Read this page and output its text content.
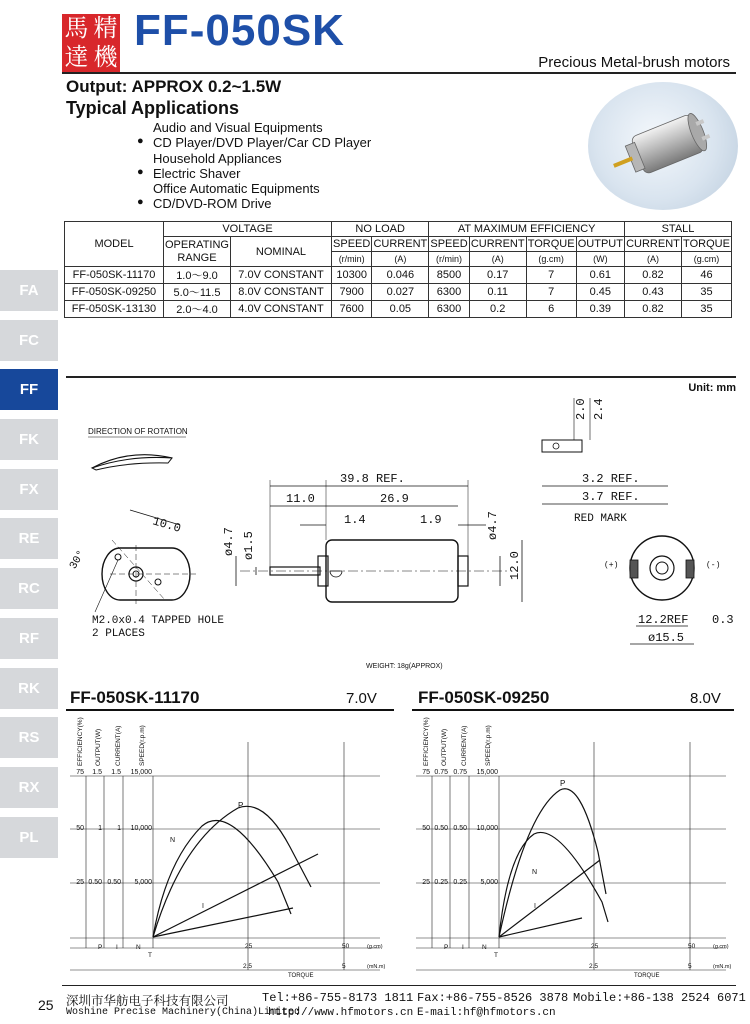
馬 精
達 機
FF-050SK
Precious Metal-brush motors
Output: APPROX 0.2~1.5W
Typical Applications
Audio and Visual Equipments
● CD Player/DVD Player/Car CD Player
Household Appliances
● Electric Shaver
Office Automatic Equipments
● CD/DVD-ROM Drive
FA
FC
FF
FK
FX
RE
RC
RF
RK
RS
RX
PL
MODEL	VOLTAGE		NO LOAD		AT MAXIMUM EFFICIENCY				STALL	
	OPERATING RANGE	NOMINAL	SPEED	CURRENT	SPEED	CURRENT	TORQUE	OUTPUT	CURRENT	TORQUE
			(r/min)	(A)	(r/min)	(A)	(g.cm)	(W)	(A)	(g.cm)
FF-050SK-11170	1.0～9.0	7.0V CONSTANT	10300	0.046	8500	0.17	7	0.61	0.82	46
FF-050SK-09250	5.0～11.5	8.0V CONSTANT	7900	0.027	6300	0.11	7	0.45	0.43	35
FF-050SK-13130	2.0～4.0	4.0V CONSTANT	7600	0.05	6300	0.2	6	0.39	0.82	35
Unit: mm
DIRECTION OF ROTATION
10.0
30°
M2.0x0.4 TAPPED HOLE
2 PLACES
39.8 REF.
11.0	26.9
1.4	1.9
ø4.7 ø1.5
ø4.7
12.0
2.0 2.4
3.2 REF.
3.7 REF.
RED MARK
(+)	(-)
12.2REF 0.3
ø15.5
WEIGHT: 18g(APPROX)
FF-050SK-11170	7.0V
EFFICIENCY(%) OUTPUT(W) CURRENT(A)	SPEED(r.p.m)
75 1.5 1.5 15,000
50 1 1 10,000
25 0.50 0.50 5,000
P I	N
T
25	50	(g.cm)
2.5	5	(mN.m)
TORQUE
N
P
I
FF-050SK-09250	8.0V
EFFICIENCY(%) OUTPUT(W) CURRENT(A)	SPEED(r.p.m)
75 0.75 0.75 15,000
50 0.50 0.50 10,000
25 0.25 0.25 5,000
P I	N
T
25	50	(g.cm)
2.5	5	(mN.m)
TORQUE
N
P
I
25 深圳市华舫电子科技有限公司
Woshine Precise Machinery(China)Limited
Tel:+86-755-8173 1811
http://www.hfmotors.cn
Fax:+86-755-8526 3878
E-mail:hf@hfmotors.cn
Mobile:+86-138 2524 6071
